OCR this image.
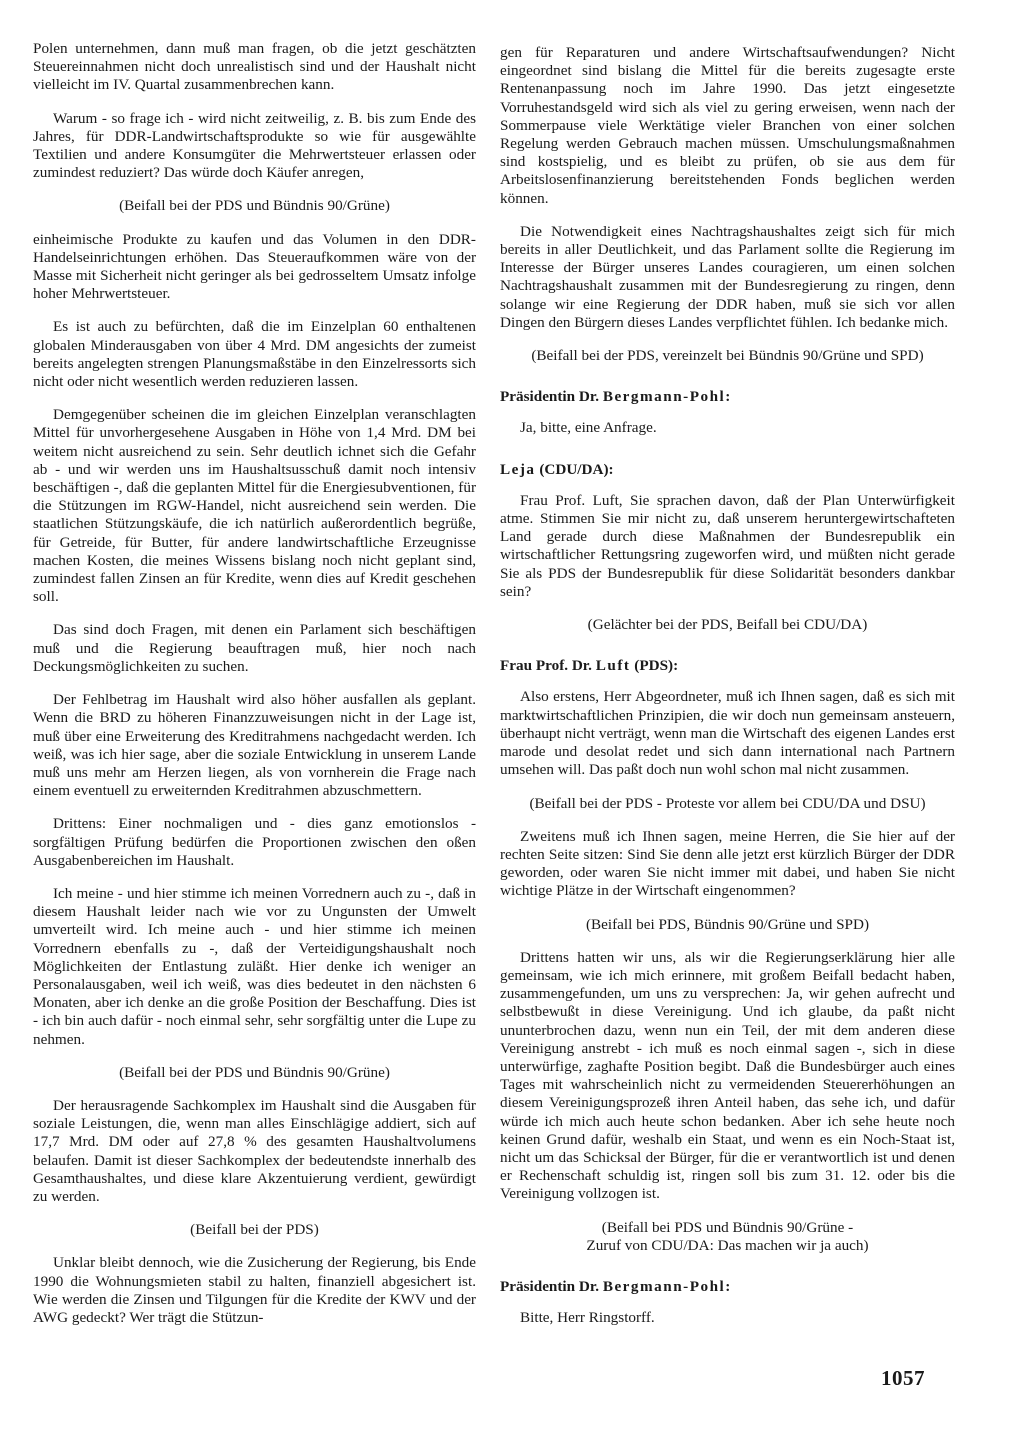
Polen unternehmen, dann muß man fragen, ob die jetzt geschätzten Steuereinnahmen nicht doch unrealistisch sind und der Haushalt nicht vielleicht im IV. Quartal zusammenbrechen kann.

Warum - so frage ich - wird nicht zeitweilig, z. B. bis zum Ende des Jahres, für DDR-Landwirtschaftsprodukte so wie für ausgewählte Textilien und andere Konsumgüter die Mehrwertsteuer erlassen oder zumindest reduziert? Das würde doch Käufer anregen,

(Beifall bei der PDS und Bündnis 90/Grüne)

einheimische Produkte zu kaufen und das Volumen in den DDR-Handelseinrichtungen erhöhen. Das Steueraufkommen wäre von der Masse mit Sicherheit nicht geringer als bei gedrosseltem Umsatz infolge hoher Mehrwertsteuer.

Es ist auch zu befürchten, daß die im Einzelplan 60 enthaltenen globalen Minderausgaben von über 4 Mrd. DM angesichts der zumeist bereits angelegten strengen Planungsmaßstäbe in den Einzelressorts sich nicht oder nicht wesentlich werden reduzieren lassen.

Demgegenüber scheinen die im gleichen Einzelplan veranschlagten Mittel für unvorhergesehene Ausgaben in Höhe von 1,4 Mrd. DM bei weitem nicht ausreichend zu sein. Sehr deutlich ichnet sich die Gefahr ab - und wir werden uns im Haushaltsusschuß damit noch intensiv beschäftigen -, daß die geplanten Mittel für die Energiesubventionen, für die Stützungen im RGW-Handel, nicht ausreichend sein werden. Die staatlichen Stützungskäufe, die ich natürlich außerordentlich begrüße, für Getreide, für Butter, für andere landwirtschaftliche Erzeugnisse machen Kosten, die meines Wissens bislang noch nicht geplant sind, zumindest fallen Zinsen an für Kredite, wenn dies auf Kredit geschehen soll.

Das sind doch Fragen, mit denen ein Parlament sich beschäftigen muß und die Regierung beauftragen muß, hier noch nach Deckungsmöglichkeiten zu suchen.

Der Fehlbetrag im Haushalt wird also höher ausfallen als geplant. Wenn die BRD zu höheren Finanzzuweisungen nicht in der Lage ist, muß über eine Erweiterung des Kreditrahmens nachgedacht werden. Ich weiß, was ich hier sage, aber die soziale Entwicklung in unserem Lande muß uns mehr am Herzen liegen, als von vornherein die Frage nach einem eventuell zu erweiternden Kreditrahmen abzuschmettern.

Drittens: Einer nochmaligen und - dies ganz emotionslos - sorgfältigen Prüfung bedürfen die Proportionen zwischen den oßen Ausgabenbereichen im Haushalt.

Ich meine - und hier stimme ich meinen Vorrednern auch zu -, daß in diesem Haushalt leider nach wie vor zu Ungunsten der Umwelt umverteilt wird. Ich meine auch - und hier stimme ich meinen Vorrednern ebenfalls zu -, daß der Verteidigungshaushalt noch Möglichkeiten der Entlastung zuläßt. Hier denke ich weniger an Personalausgaben, weil ich weiß, was dies bedeutet in den nächsten 6 Monaten, aber ich denke an die große Position der Beschaffung. Dies ist - ich bin auch dafür - noch einmal sehr, sehr sorgfältig unter die Lupe zu nehmen.

(Beifall bei der PDS und Bündnis 90/Grüne)

Der herausragende Sachkomplex im Haushalt sind die Ausgaben für soziale Leistungen, die, wenn man alles Einschlägige addiert, sich auf 17,7 Mrd. DM oder auf 27,8 % des gesamten Haushaltvolumens belaufen. Damit ist dieser Sachkomplex der bedeutendste innerhalb des Gesamthaushaltes, und diese klare Akzentuierung verdient, gewürdigt zu werden.

(Beifall bei der PDS)

Unklar bleibt dennoch, wie die Zusicherung der Regierung, bis Ende 1990 die Wohnungsmieten stabil zu halten, finanziell abgesichert ist. Wie werden die Zinsen und Tilgungen für die Kredite der KWV und der AWG gedeckt? Wer trägt die Stützun-

gen für Reparaturen und andere Wirtschaftsaufwendungen? Nicht eingeordnet sind bislang die Mittel für die bereits zugesagte erste Rentenanpassung noch im Jahre 1990. Das jetzt eingesetzte Vorruhestandsgeld wird sich als viel zu gering erweisen, wenn nach der Sommerpause viele Werktätige vieler Branchen von einer solchen Regelung werden Gebrauch machen müssen. Umschulungsmaßnahmen sind kostspielig, und es bleibt zu prüfen, ob sie aus dem für Arbeitslosenfinanzierung bereitstehenden Fonds beglichen werden können.

Die Notwendigkeit eines Nachtragshaushaltes zeigt sich für mich bereits in aller Deutlichkeit, und das Parlament sollte die Regierung im Interesse der Bürger unseres Landes couragieren, um einen solchen Nachtragshaushalt zusammen mit der Bundesregierung zu ringen, denn solange wir eine Regierung der DDR haben, muß sie sich vor allen Dingen den Bürgern dieses Landes verpflichtet fühlen. Ich bedanke mich.

(Beifall bei der PDS, vereinzelt bei Bündnis 90/Grüne und SPD)

Präsidentin Dr. Bergmann-Pohl:

Ja, bitte, eine Anfrage.

Leja (CDU/DA):

Frau Prof. Luft, Sie sprachen davon, daß der Plan Unterwürfigkeit atme. Stimmen Sie mir nicht zu, daß unserem heruntergewirtschafteten Land gerade durch diese Maßnahmen der Bundesrepublik ein wirtschaftlicher Rettungsring zugeworfen wird, und müßten nicht gerade Sie als PDS der Bundesrepublik für diese Solidarität besonders dankbar sein?

(Gelächter bei der PDS, Beifall bei CDU/DA)

Frau Prof. Dr. Luft (PDS):

Also erstens, Herr Abgeordneter, muß ich Ihnen sagen, daß es sich mit marktwirtschaftlichen Prinzipien, die wir doch nun gemeinsam ansteuern, überhaupt nicht verträgt, wenn man die Wirtschaft des eigenen Landes erst marode und desolat redet und sich dann international nach Partnern umsehen will. Das paßt doch nun wohl schon mal nicht zusammen.

(Beifall bei der PDS - Proteste vor allem bei CDU/DA und DSU)

Zweitens muß ich Ihnen sagen, meine Herren, die Sie hier auf der rechten Seite sitzen: Sind Sie denn alle jetzt erst kürzlich Bürger der DDR geworden, oder waren Sie nicht immer mit dabei, und haben Sie nicht wichtige Plätze in der Wirtschaft eingenommen?

(Beifall bei PDS, Bündnis 90/Grüne und SPD)

Drittens hatten wir uns, als wir die Regierungserklärung hier alle gemeinsam, wie ich mich erinnere, mit großem Beifall bedacht haben, zusammengefunden, um uns zu versprechen: Ja, wir gehen aufrecht und selbstbewußt in diese Vereinigung. Und ich glaube, da paßt nicht ununterbrochen dazu, wenn nun ein Teil, der mit dem anderen diese Vereinigung anstrebt - ich muß es noch einmal sagen -, sich in diese unterwürfige, zaghafte Position begibt. Daß die Bundesbürger auch eines Tages mit wahrscheinlich nicht zu vermeidenden Steuererhöhungen an diesem Vereinigungsprozeß ihren Anteil haben, das sehe ich, und dafür würde ich mich auch heute schon bedanken. Aber ich sehe heute noch keinen Grund dafür, weshalb ein Staat, und wenn es ein Noch-Staat ist, nicht um das Schicksal der Bürger, für die er verantwortlich ist und denen er Rechenschaft schuldig ist, ringen soll bis zum 31. 12. oder bis die Vereinigung vollzogen ist.

(Beifall bei PDS und Bündnis 90/Grüne -
Zuruf von CDU/DA: Das machen wir ja auch)

Präsidentin Dr. Bergmann-Pohl:

Bitte, Herr Ringstorff.

1057
